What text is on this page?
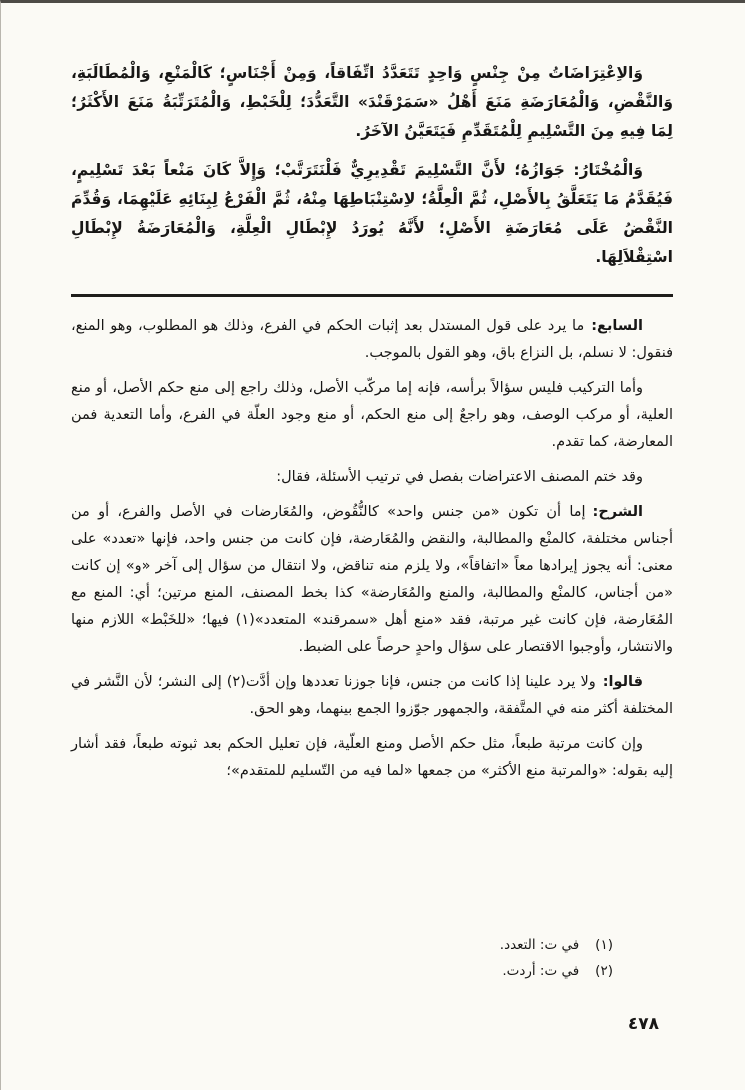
وَالاِعْتِرَاضَاتُ مِنْ جِنْسٍ وَاحِدٍ تَتَعَدَّدُ اتِّفَاقاً، وَمِنْ أَجْنَاسٍ؛ كَالْمَنْعِ، وَالْمُطَالَبَةِ، وَالنَّقْضِ، وَالْمُعَارَضَةِ مَنَعَ أَهْلُ «سَمَرْقَنْدَ» التَّعَدُّدَ؛ لِلْخَبْطِ، وَالْمُتَرَتِّبَةُ مَنَعَ الأَكْثَرُ؛ لِمَا فِيهِ مِنَ التَّسْلِيمِ لِلْمُتَقَدِّمِ فَيَتَعَيَّنُ الآخَرُ.

وَالْمُخْتَارُ: جَوَازُهُ؛ لأَنَّ التَّسْلِيمَ تَقْدِيرِيٌّ فَلْنَتَرَتَّبْ؛ وَإِلاَّ كَانَ مَنْعاً بَعْدَ تَسْلِيمٍ، فَيُقَدَّمُ مَا يَتَعَلَّقُ بِالأَصْلِ، ثُمَّ الْعِلَّةُ؛ لاِسْتِنْبَاطِهَا مِنْهُ، ثُمَّ الْفَرْعُ لِبِنَائِهِ عَلَيْهِمَا، وَقُدِّمَ النَّقْضُ عَلَى مُعَارَضَةِ الأَصْلِ؛ لأَنَّهُ يُورَدُ لإِبْطَالِ الْعِلَّةِ، وَالْمُعَارَضَةُ لإِبْطَالِ اسْتِقْلاَلِهَا.

السابع:ما يرد على قول المستدل بعد إثبات الحكم في الفرع، وذلك هو المطلوب، وهو المنع، فنقول: لا نسلم، بل النزاع باق، وهو القول بالموجب.

وأما التركيب فليس سؤالاً برأسه، فإنه إما مركّب الأصل، وذلك راجع إلى منع حكم الأصل، أو منع العلية، أو مركب الوصف، وهو راجعٌ إلى منع الحكم، أو منع وجود العلّة في الفرع، وأما التعدية فمن المعارضة، كما تقدم.

وقد ختم المصنف الاعتراضات بفصل في ترتيب الأسئلة، فقال:

الشرح:إما أن تكون «من جنس واحد» كالنُّقُوض، والمُعَارضات في الأصل والفرع، أو من أجناس مختلفة، كالمنْع والمطالبة، والنقض والمُعَارضة، فإن كانت من جنس واحد، فإنها «تعدد» على معنى: أنه يجوز إيرادها معاً «اتفاقاً»، ولا يلزم منه تناقض، ولا انتقال من سؤال إلى آخر «و» إن كانت «من أجناس، كالمنْع والمطالبة، والمنع والمُعَارضة» كذا بخط المصنف، المنع مرتين؛ أي: المنع مع المُعَارضة، فإن كانت غير مرتبة، فقد «منع أهل «سمرقند» المتعدد»(١) فيها؛ «للخَبْط» اللازم منها والانتشار، وأوجبوا الاقتصار على سؤال واحدٍ حرصاً على الضبط.

قالوا:ولا يرد علينا إذا كانت من جنس، فإنا جوزنا تعددها وإن أدَّت(٢) إلى النشر؛ لأن النَّشر في المختلفة أكثر منه في المتَّفقة، والجمهور جوّزوا الجمع بينهما، وهو الحق.

وإن كانت مرتبة طبعاً، مثل حكم الأصل ومنع العلّية، فإن تعليل الحكم بعد ثبوته طبعاً، فقد أشار إليه بقوله: «والمرتبة منع الأكثر» من جمعها «لما فيه من التّسليم للمتقدم»؛

(١)في ت: التعدد.

(٢)في ت: أردت.

٤٧٨
